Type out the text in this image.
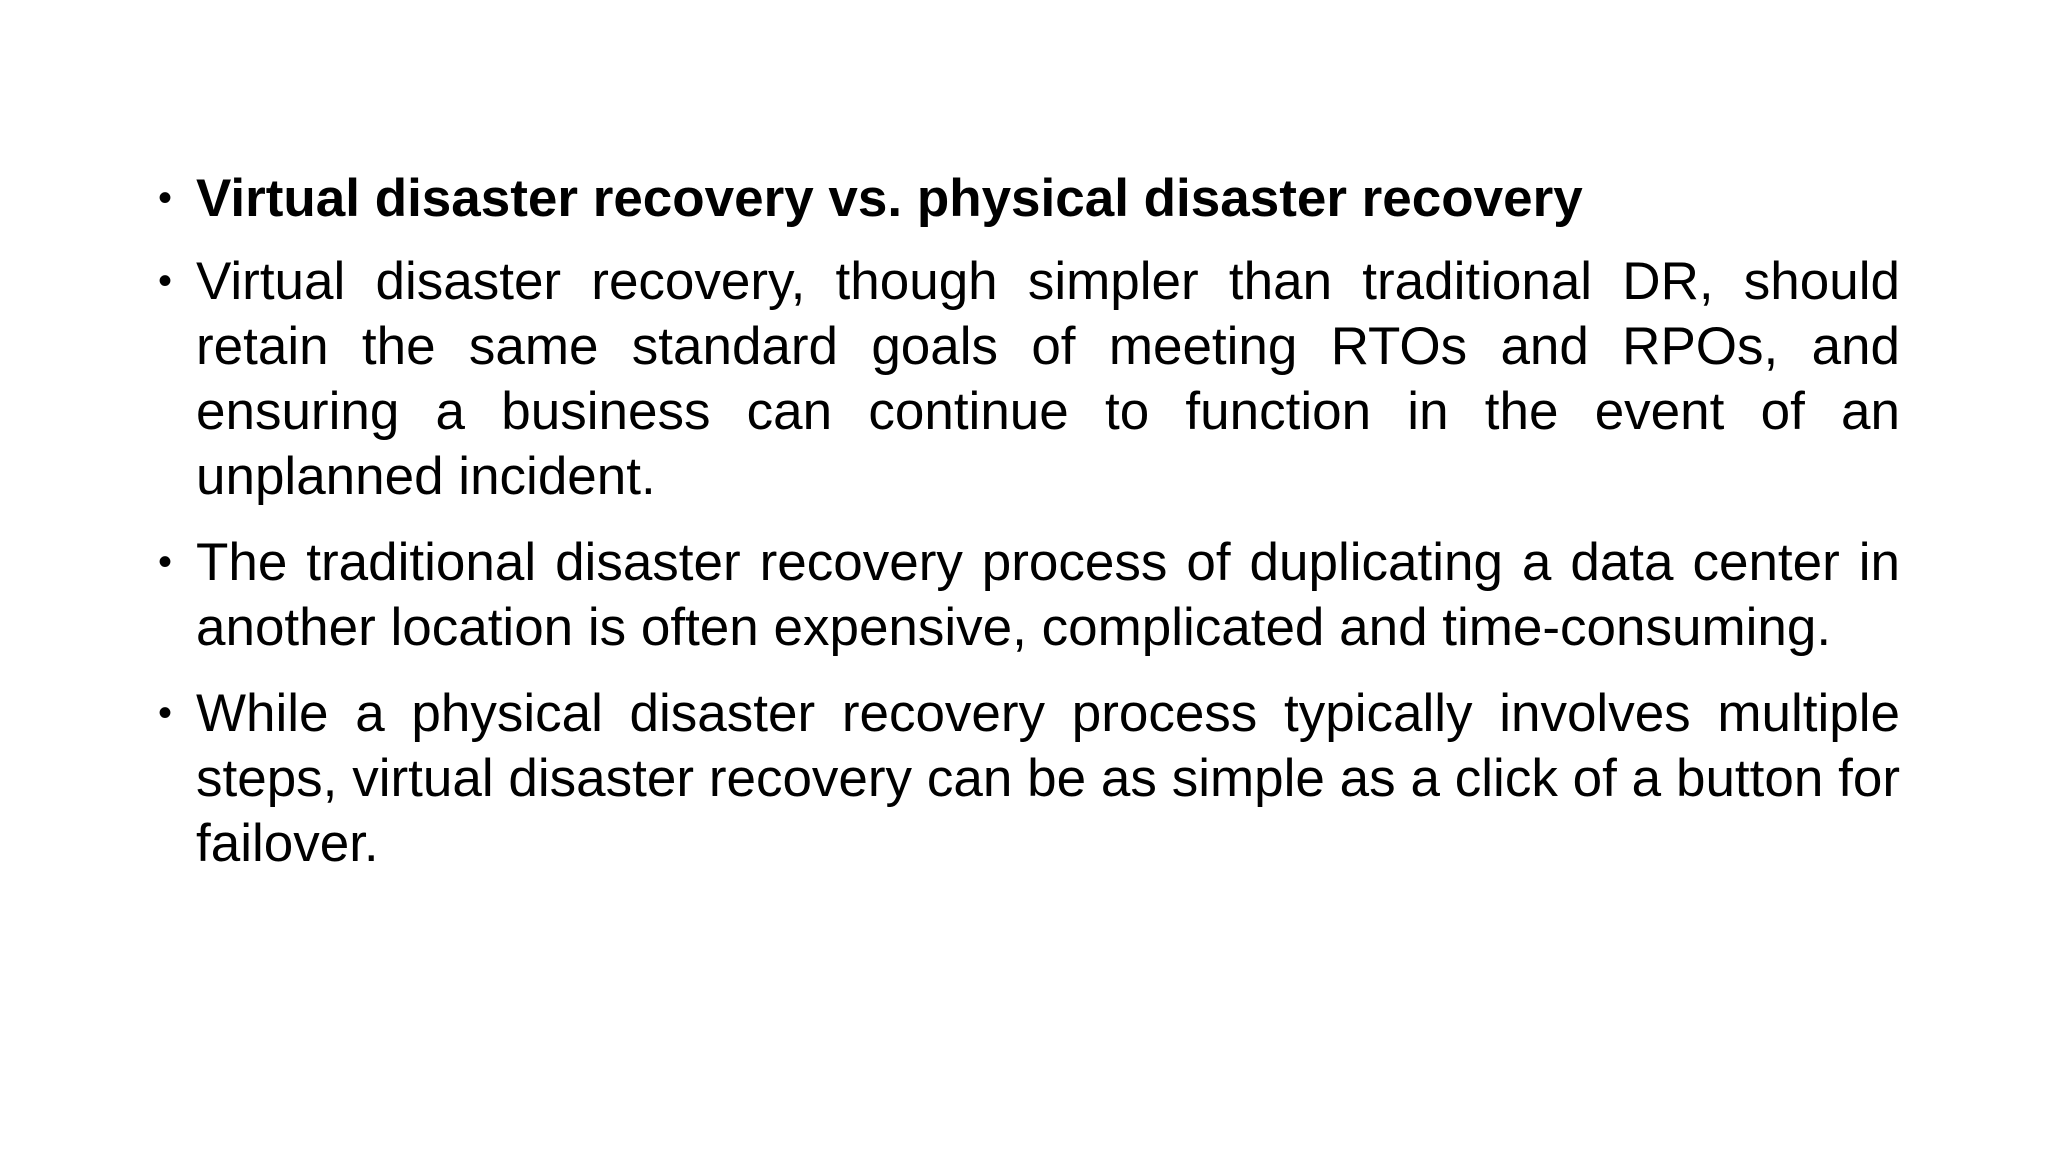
• Virtual disaster recovery vs. physical disaster recovery
• Virtual disaster recovery, though simpler than traditional DR, should retain the same standard goals of meeting RTOs and RPOs, and ensuring a business can continue to function in the event of an unplanned incident.
• The traditional disaster recovery process of duplicating a data center in another location is often expensive, complicated and time-consuming.
• While a physical disaster recovery process typically involves multiple steps, virtual disaster recovery can be as simple as a click of a button for failover.
